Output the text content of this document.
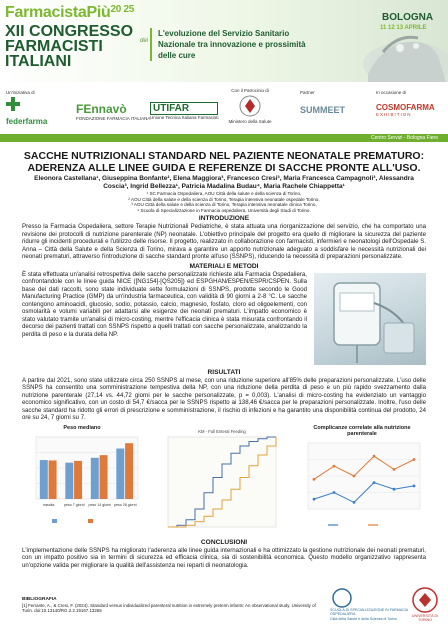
FarmacistaPiù$^{20 25}$
XII CONGRESSO FARMACISTI ITALIANI
dei
L'evoluzione del Servizio Sanitario Nazionale tra innovazione e prossimità delle cure
BOLOGNA
11 12 13 APRILE
Un'iniziativa di
federfarma
FEnnavò
FONDAZIONE FARMACIA ITALIANA
UTIFAR
Unione Tecnica Italiana Farmacisti
Con il Patrocinio di
Ministero della Salute
Partner
SUMMEET
In occasione di
COSMOFARMA
EXHIBITION
Centro Servizi - Bologna Fiere
SACCHE NUTRIZIONALI STANDARD NEL PAZIENTE NEONATALE PREMATURO: ADERENZA ALLE LINEE GUIDA E REFERENZE DI SACCHE PRONTE ALL'USO.
Eleonora Castellana¹, Giuseppina Bonfante², Elena Maggiora³, Francesco Cresi³, Maria Francesca Campagnoli³, Alessandra Coscia³, Ingrid Bellezza¹, Patricia Madalina Budau⁴, Maria Rachele Chiappetta¹
¹ SC Farmacia Ospedaliera, AOU Città della salute e della scienza di Torino,
² AOU Città della salute e della scienza di Torino, Terapia intensiva neonatale ospedale Torino,
³ AOU Città della salute e della scienza di Torino, Terapia intensiva neonatale clinica Torino,
⁴ Scuola di Specializzazione in Farmacia ospedaliera, Università degli Studi di Torino.
INTRODUZIONE

Presso la Farmacia Ospedaliera, settore Terapie Nutrizionali Pediatriche, è stata attuata una riorganizzazione del servizio, che ha comportato una revisione dei protocolli di nutrizione parenterale (NP) neonatale. L'obiettivo principale del progetto era quello di migliorare la sicurezza del paziente ridurre gli incidenti procedurali e l'utilizzo delle risorse. Il progetto, realizzato in collaborazione con farmacisti, infermieri e neonatologi dell'Ospedale S. Anna – Città della Salute e della Scienza di Torino, mirava a garantire un apporto nutrizionale adeguato a soddisfare le necessità nutrizionali dei neonati prematuri, attraverso l'introduzione di sacche standard pronte all'uso (SSNPS), riducendo la necessità di preparazioni personalizzate.

MATERIALI E METODI

È stata effettuata un'analisi retrospettiva delle sacche personalizzate richieste alla Farmacia Ospedaliera, confrontandole con le linee guida NICE ([NG154]-[QS205]) ed ESPGHAN/ESPEN/ESPR/CSPEN. Sulla base dei dati raccolti, sono state individuate sette formulazioni di SSNPS, prodotte secondo le Good Manufacturing Practice (GMP) da un'industria farmaceutica, con validità di 90 giorni a 2-8 °C. Le sacche contengono aminoacidi, glucosio, sodio, potassio, calcio, magnesio, fosfato, cloro ed oligoelementi, con osmolarità e volumi variabili per adattarsi alle esigenze dei neonati prematuri. L'impatto economico è stato valutato tramite un'analisi di micro-costing, mentre l'efficacia clinica è stata misurata confrontando il decorso dei pazienti trattati con SSNPS rispetto a quelli trattati con sacche personalizzate, analizzando la perdita di peso e la durata della NP.

RISULTATI

A partire dal 2021, sono state utilizzate circa 250 SSNPS al mese, con una riduzione superiore all'85% delle preparazioni personalizzate. L'uso delle SSNPS ha consentito una somministrazione tempestiva della NP, con una riduzione della perdita di peso e un più rapido svezzamento dalla nutrizione parenterale (27,14 vs. 44,72 giorni per le sacche personalizzate, p = 0,003). L'analisi di micro-costing ha evidenziato un vantaggio economico significativo, con un costo di 54,7 €/sacca per le SSNPS rispetto ai 138,46 €/sacca per le preparazioni personalizzate. Inoltre, l'uso delle sacche standard ha ridotto gli errori di prescrizione e somministrazione, il rischio di infezioni e ha garantito una disponibilità continua del prodotto, 24 ore su 24, 7 giorni su 7.

Peso mediano
nascita	peso 7 giorni peso 14 giorni peso 28 giorni
KM - Full Enteral Feeding
Complicanze correlate alla nutrizione parenterale
CONCLUSIONI

L'implementazione delle SSNPS ha migliorato l'aderenza alle linee guida internazionali e ha ottimizzato la gestione nutrizionale dei neonati prematuri, con un impatto positivo sia in termini di sicurezza ed efficacia clinica, sia di sostenibilità economica. Questo modello organizzativo rappresenta un'opzione valida per migliorare la qualità dell'assistenza nei reparti di neonatologia.

BIBLIOGRAFIA
[1] Ferrante, A., & Cresi, F. (2024). Standard versus individualized parenteral nutrition in extremely preterm infants: An observational study. University of Turin. doi:10.13140/RG.2.2.19167.13265	SCUOLA DI SPECIALIZZAZIONE IN FARMACIA OSPEDALIERA
Città della Salute e della Scienza di Torino
UNIVERSITÀ DI TORINO
